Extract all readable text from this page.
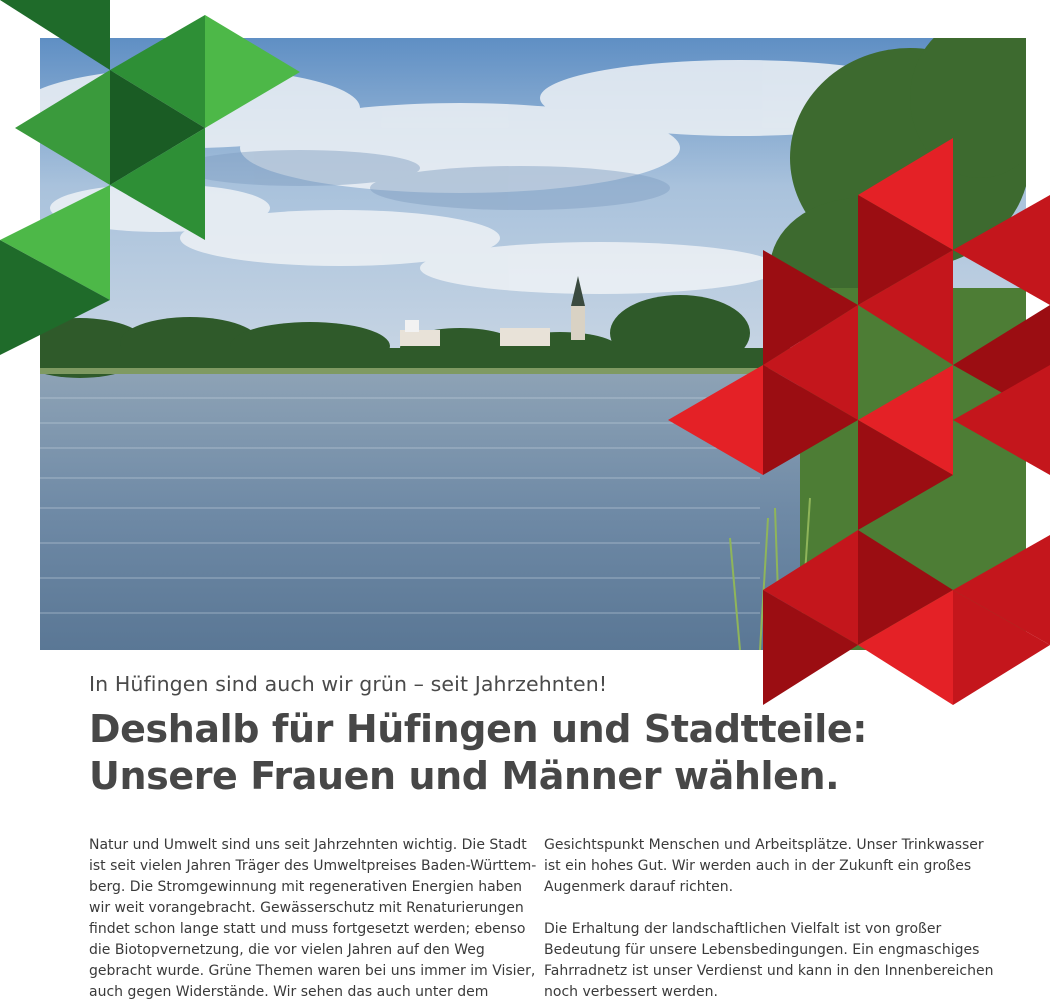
In Hüfingen sind auch wir grün – seit Jahrzehnten!
Deshalb für Hüfingen und Stadtteile:
Unsere Frauen und Männer wählen.
Natur und Umwelt sind uns seit Jahrzehnten wichtig. Die Stadt
ist seit vielen Jahren Träger des Umweltpreises Baden-Württem-
berg. Die Stromgewinnung mit regenerativen Energien haben
wir weit vorangebracht. Gewässerschutz mit Renaturierungen
findet schon lange statt und muss fortgesetzt werden; ebenso
die Biotopvernetzung, die vor vielen Jahren auf den Weg
gebracht wurde. Grüne Themen waren bei uns immer im Visier,
auch gegen Widerstände. Wir sehen das auch unter dem
Gesichtspunkt Menschen und Arbeitsplätze. Unser Trinkwasser
ist ein hohes Gut. Wir werden auch in der Zukunft ein großes
Augenmerk darauf richten.
Die Erhaltung der landschaftlichen Vielfalt ist von großer
Bedeutung für unsere Lebensbedingungen. Ein engmaschiges
Fahrradnetz ist unser Verdienst und kann in den Innenbereichen
noch verbessert werden.
